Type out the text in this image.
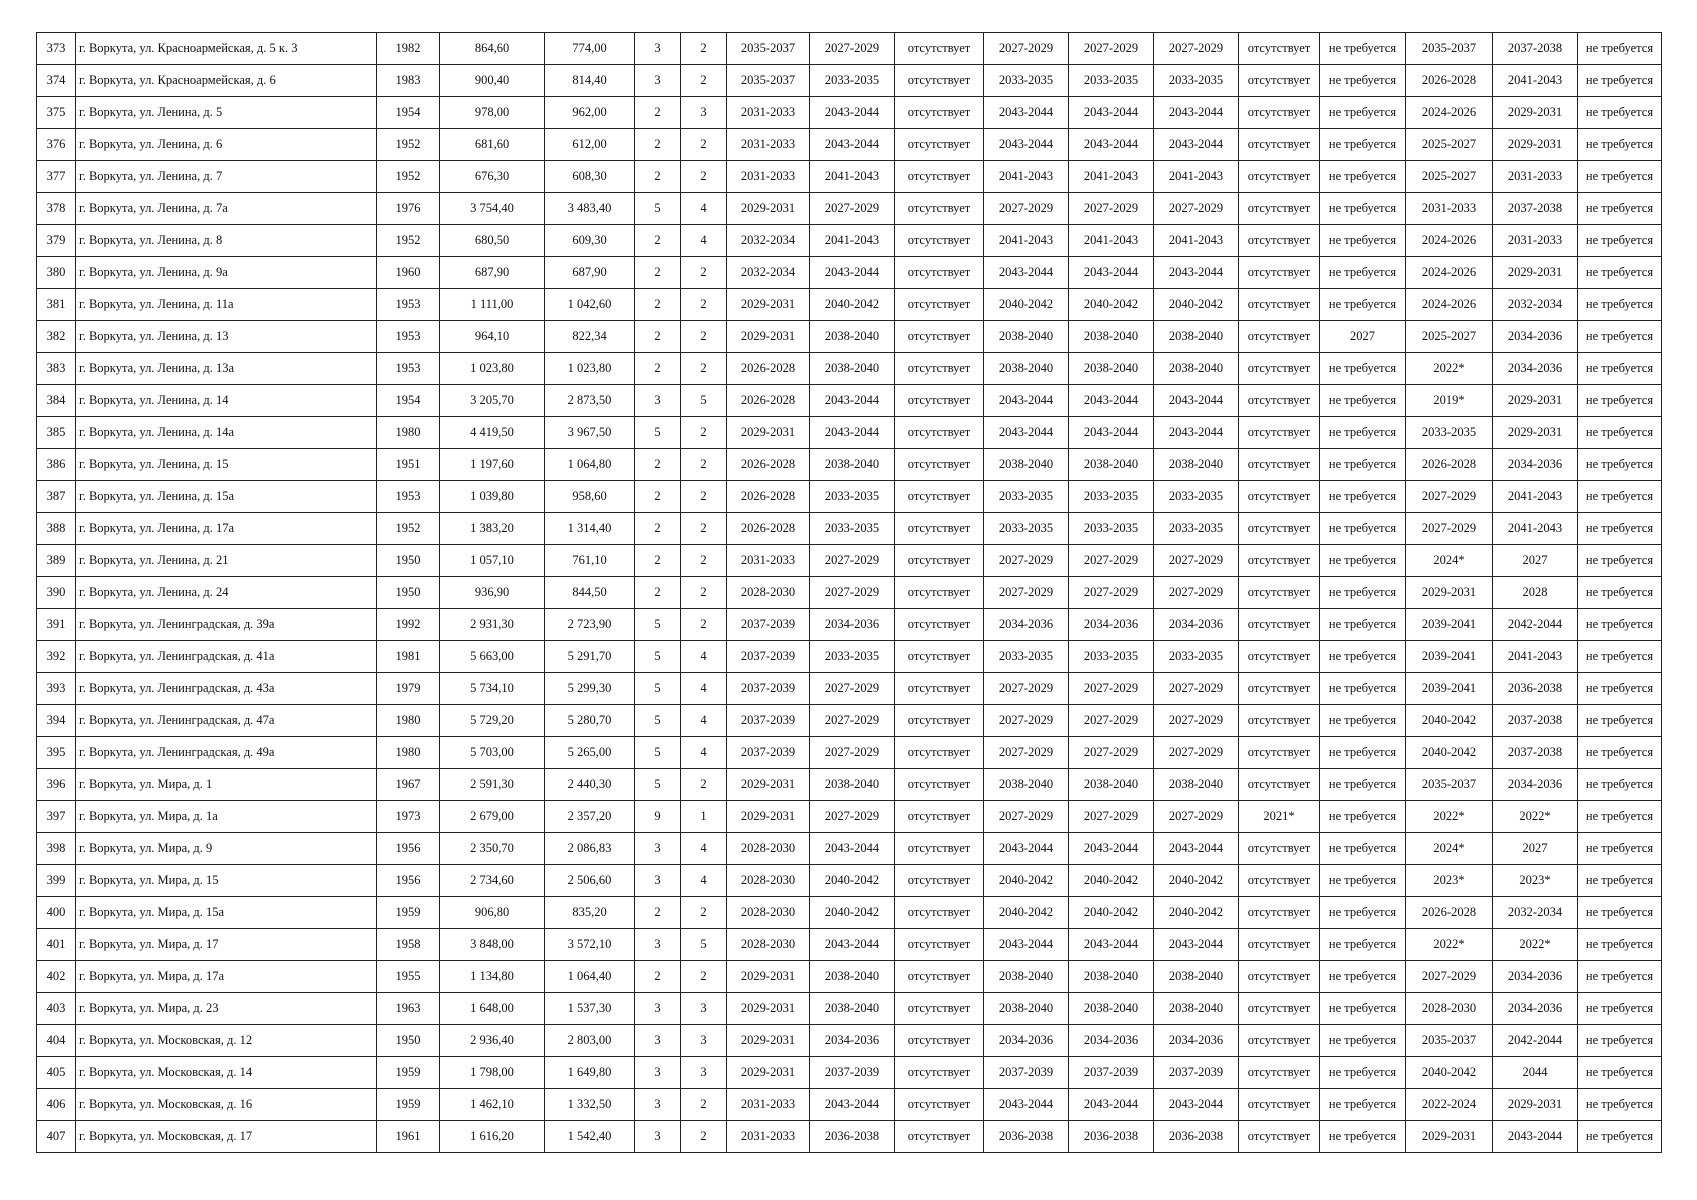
373	г. Воркута, ул. Красноармейская, д. 5 к. 3	1982	864,60	774,00	3	2	2035-2037	2027-2029	отсутствует	2027-2029	2027-2029	2027-2029	отсутствует	не требуется	2035-2037	2037-2038	не требуется
374	г. Воркута, ул. Красноармейская, д. 6	1983	900,40	814,40	3	2	2035-2037	2033-2035	отсутствует	2033-2035	2033-2035	2033-2035	отсутствует	не требуется	2026-2028	2041-2043	не требуется
375	г. Воркута, ул. Ленина, д. 5	1954	978,00	962,00	2	3	2031-2033	2043-2044	отсутствует	2043-2044	2043-2044	2043-2044	отсутствует	не требуется	2024-2026	2029-2031	не требуется
376	г. Воркута, ул. Ленина, д. 6	1952	681,60	612,00	2	2	2031-2033	2043-2044	отсутствует	2043-2044	2043-2044	2043-2044	отсутствует	не требуется	2025-2027	2029-2031	не требуется
377	г. Воркута, ул. Ленина, д. 7	1952	676,30	608,30	2	2	2031-2033	2041-2043	отсутствует	2041-2043	2041-2043	2041-2043	отсутствует	не требуется	2025-2027	2031-2033	не требуется
378	г. Воркута, ул. Ленина, д. 7а	1976	3 754,40	3 483,40	5	4	2029-2031	2027-2029	отсутствует	2027-2029	2027-2029	2027-2029	отсутствует	не требуется	2031-2033	2037-2038	не требуется
379	г. Воркута, ул. Ленина, д. 8	1952	680,50	609,30	2	4	2032-2034	2041-2043	отсутствует	2041-2043	2041-2043	2041-2043	отсутствует	не требуется	2024-2026	2031-2033	не требуется
380	г. Воркута, ул. Ленина, д. 9а	1960	687,90	687,90	2	2	2032-2034	2043-2044	отсутствует	2043-2044	2043-2044	2043-2044	отсутствует	не требуется	2024-2026	2029-2031	не требуется
381	г. Воркута, ул. Ленина, д. 11а	1953	1 111,00	1 042,60	2	2	2029-2031	2040-2042	отсутствует	2040-2042	2040-2042	2040-2042	отсутствует	не требуется	2024-2026	2032-2034	не требуется
382	г. Воркута, ул. Ленина, д. 13	1953	964,10	822,34	2	2	2029-2031	2038-2040	отсутствует	2038-2040	2038-2040	2038-2040	отсутствует	2027	2025-2027	2034-2036	не требуется
383	г. Воркута, ул. Ленина, д. 13а	1953	1 023,80	1 023,80	2	2	2026-2028	2038-2040	отсутствует	2038-2040	2038-2040	2038-2040	отсутствует	не требуется	2022*	2034-2036	не требуется
384	г. Воркута, ул. Ленина, д. 14	1954	3 205,70	2 873,50	3	5	2026-2028	2043-2044	отсутствует	2043-2044	2043-2044	2043-2044	отсутствует	не требуется	2019*	2029-2031	не требуется
385	г. Воркута, ул. Ленина, д. 14а	1980	4 419,50	3 967,50	5	2	2029-2031	2043-2044	отсутствует	2043-2044	2043-2044	2043-2044	отсутствует	не требуется	2033-2035	2029-2031	не требуется
386	г. Воркута, ул. Ленина, д. 15	1951	1 197,60	1 064,80	2	2	2026-2028	2038-2040	отсутствует	2038-2040	2038-2040	2038-2040	отсутствует	не требуется	2026-2028	2034-2036	не требуется
387	г. Воркута, ул. Ленина, д. 15а	1953	1 039,80	958,60	2	2	2026-2028	2033-2035	отсутствует	2033-2035	2033-2035	2033-2035	отсутствует	не требуется	2027-2029	2041-2043	не требуется
388	г. Воркута, ул. Ленина, д. 17а	1952	1 383,20	1 314,40	2	2	2026-2028	2033-2035	отсутствует	2033-2035	2033-2035	2033-2035	отсутствует	не требуется	2027-2029	2041-2043	не требуется
389	г. Воркута, ул. Ленина, д. 21	1950	1 057,10	761,10	2	2	2031-2033	2027-2029	отсутствует	2027-2029	2027-2029	2027-2029	отсутствует	не требуется	2024*	2027	не требуется
390	г. Воркута, ул. Ленина, д. 24	1950	936,90	844,50	2	2	2028-2030	2027-2029	отсутствует	2027-2029	2027-2029	2027-2029	отсутствует	не требуется	2029-2031	2028	не требуется
391	г. Воркута, ул. Ленинградская, д. 39а	1992	2 931,30	2 723,90	5	2	2037-2039	2034-2036	отсутствует	2034-2036	2034-2036	2034-2036	отсутствует	не требуется	2039-2041	2042-2044	не требуется
392	г. Воркута, ул. Ленинградская, д. 41а	1981	5 663,00	5 291,70	5	4	2037-2039	2033-2035	отсутствует	2033-2035	2033-2035	2033-2035	отсутствует	не требуется	2039-2041	2041-2043	не требуется
393	г. Воркута, ул. Ленинградская, д. 43а	1979	5 734,10	5 299,30	5	4	2037-2039	2027-2029	отсутствует	2027-2029	2027-2029	2027-2029	отсутствует	не требуется	2039-2041	2036-2038	не требуется
394	г. Воркута, ул. Ленинградская, д. 47а	1980	5 729,20	5 280,70	5	4	2037-2039	2027-2029	отсутствует	2027-2029	2027-2029	2027-2029	отсутствует	не требуется	2040-2042	2037-2038	не требуется
395	г. Воркута, ул. Ленинградская, д. 49а	1980	5 703,00	5 265,00	5	4	2037-2039	2027-2029	отсутствует	2027-2029	2027-2029	2027-2029	отсутствует	не требуется	2040-2042	2037-2038	не требуется
396	г. Воркута, ул. Мира, д. 1	1967	2 591,30	2 440,30	5	2	2029-2031	2038-2040	отсутствует	2038-2040	2038-2040	2038-2040	отсутствует	не требуется	2035-2037	2034-2036	не требуется
397	г. Воркута, ул. Мира, д. 1а	1973	2 679,00	2 357,20	9	1	2029-2031	2027-2029	отсутствует	2027-2029	2027-2029	2027-2029	2021*	не требуется	2022*	2022*	не требуется
398	г. Воркута, ул. Мира, д. 9	1956	2 350,70	2 086,83	3	4	2028-2030	2043-2044	отсутствует	2043-2044	2043-2044	2043-2044	отсутствует	не требуется	2024*	2027	не требуется
399	г. Воркута, ул. Мира, д. 15	1956	2 734,60	2 506,60	3	4	2028-2030	2040-2042	отсутствует	2040-2042	2040-2042	2040-2042	отсутствует	не требуется	2023*	2023*	не требуется
400	г. Воркута, ул. Мира, д. 15а	1959	906,80	835,20	2	2	2028-2030	2040-2042	отсутствует	2040-2042	2040-2042	2040-2042	отсутствует	не требуется	2026-2028	2032-2034	не требуется
401	г. Воркута, ул. Мира, д. 17	1958	3 848,00	3 572,10	3	5	2028-2030	2043-2044	отсутствует	2043-2044	2043-2044	2043-2044	отсутствует	не требуется	2022*	2022*	не требуется
402	г. Воркута, ул. Мира, д. 17а	1955	1 134,80	1 064,40	2	2	2029-2031	2038-2040	отсутствует	2038-2040	2038-2040	2038-2040	отсутствует	не требуется	2027-2029	2034-2036	не требуется
403	г. Воркута, ул. Мира, д. 23	1963	1 648,00	1 537,30	3	3	2029-2031	2038-2040	отсутствует	2038-2040	2038-2040	2038-2040	отсутствует	не требуется	2028-2030	2034-2036	не требуется
404	г. Воркута, ул. Московская, д. 12	1950	2 936,40	2 803,00	3	3	2029-2031	2034-2036	отсутствует	2034-2036	2034-2036	2034-2036	отсутствует	не требуется	2035-2037	2042-2044	не требуется
405	г. Воркута, ул. Московская, д. 14	1959	1 798,00	1 649,80	3	3	2029-2031	2037-2039	отсутствует	2037-2039	2037-2039	2037-2039	отсутствует	не требуется	2040-2042	2044	не требуется
406	г. Воркута, ул. Московская, д. 16	1959	1 462,10	1 332,50	3	2	2031-2033	2043-2044	отсутствует	2043-2044	2043-2044	2043-2044	отсутствует	не требуется	2022-2024	2029-2031	не требуется
407	г. Воркута, ул. Московская, д. 17	1961	1 616,20	1 542,40	3	2	2031-2033	2036-2038	отсутствует	2036-2038	2036-2038	2036-2038	отсутствует	не требуется	2029-2031	2043-2044	не требуется
